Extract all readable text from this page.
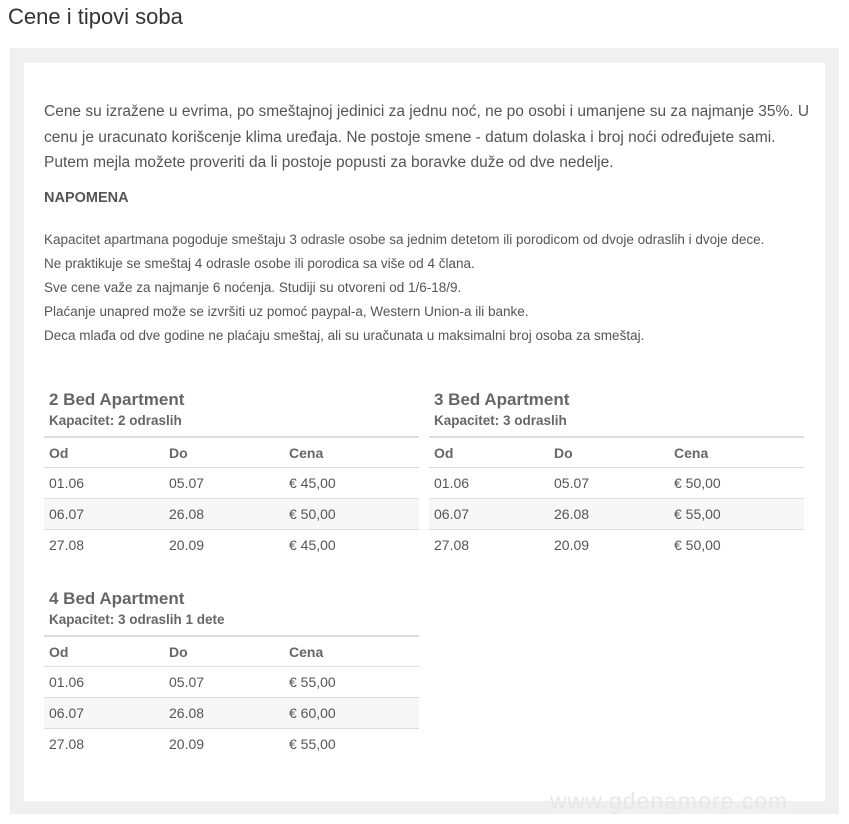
Cene i tipovi soba

Cene su izražene u evrima, po smeštajnoj jedinici za jednu noć, ne po osobi i umanjene su za najmanje 35%. U cenu je uracunato korišcenje klima uređaja. Ne postoje smene - datum dolaska i broj noći određujete sami. Putem mejla možete proveriti da li postoje popusti za boravke duže od dve nedelje.

NAPOMENA
Kapacitet apartmana pogoduje smeštaju 3 odrasle osobe sa jednim detetom ili porodicom od dvoje odraslih i dvoje dece.
Ne praktikuje se smeštaj 4 odrasle osobe ili porodica sa više od 4 člana.
Sve cene važe za najmanje 6 noćenja. Studiji su otvoreni od 1/6-18/9.
Plaćanje unapred može se izvršiti uz pomoć paypal-a, Western Union-a ili banke.
Deca mlađa od dve godine ne plaćaju smeštaj, ali su uračunata u maksimalni broj osoba za smeštaj.
2 Bed Apartment
Kapacitet: 2 odraslih
Od	Do	Cena
01.06	05.07	€ 45,00
06.07	26.08	€ 50,00
27.08	20.09	€ 45,00
3 Bed Apartment
Kapacitet: 3 odraslih
Od	Do	Cena
01.06	05.07	€ 50,00
06.07	26.08	€ 55,00
27.08	20.09	€ 50,00
4 Bed Apartment
Kapacitet: 3 odraslih 1 dete
Od	Do	Cena
01.06	05.07	€ 55,00
06.07	26.08	€ 60,00
27.08	20.09	€ 55,00
www.gdenamore.com
